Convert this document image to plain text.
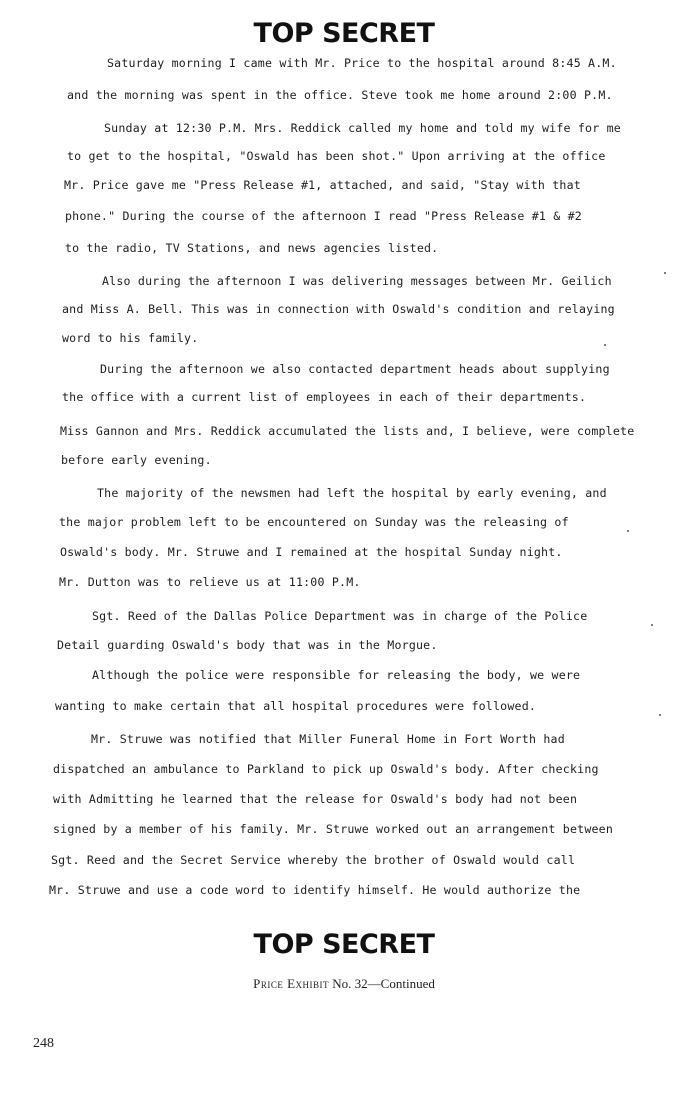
TOP SECRET
Saturday morning I came with Mr. Price to the hospital around 8:45 A.M.
and the morning was spent in the office. Steve took me home around 2:00 P.M.
Sunday at 12:30 P.M. Mrs. Reddick called my home and told my wife for me
to get to the hospital, "Oswald has been shot." Upon arriving at the office
Mr. Price gave me "Press Release #1, attached, and said, "Stay with that
phone." During the course of the afternoon I read "Press Release #1 & #2
to the radio, TV Stations, and news agencies listed.
Also during the afternoon I was delivering messages between Mr. Geilich
and Miss A. Bell. This was in connection with Oswald's condition and relaying
word to his family.
During the afternoon we also contacted department heads about supplying
the office with a current list of employees in each of their departments.
Miss Gannon and Mrs. Reddick accumulated the lists and, I believe, were complete
before early evening.
The majority of the newsmen had left the hospital by early evening, and
the major problem left to be encountered on Sunday was the releasing of
Oswald's body. Mr. Struwe and I remained at the hospital Sunday night.
Mr. Dutton was to relieve us at 11:00 P.M.
Sgt. Reed of the Dallas Police Department was in charge of the Police
Detail guarding Oswald's body that was in the Morgue.
Although the police were responsible for releasing the body, we were
wanting to make certain that all hospital procedures were followed.
Mr. Struwe was notified that Miller Funeral Home in Fort Worth had
dispatched an ambulance to Parkland to pick up Oswald's body. After checking
with Admitting he learned that the release for Oswald's body had not been
signed by a member of his family. Mr. Struwe worked out an arrangement between
Sgt. Reed and the Secret Service whereby the brother of Oswald would call
Mr. Struwe and use a code word to identify himself. He would authorize the
TOP SECRET
Price Exhibit No. 32—Continued
248
